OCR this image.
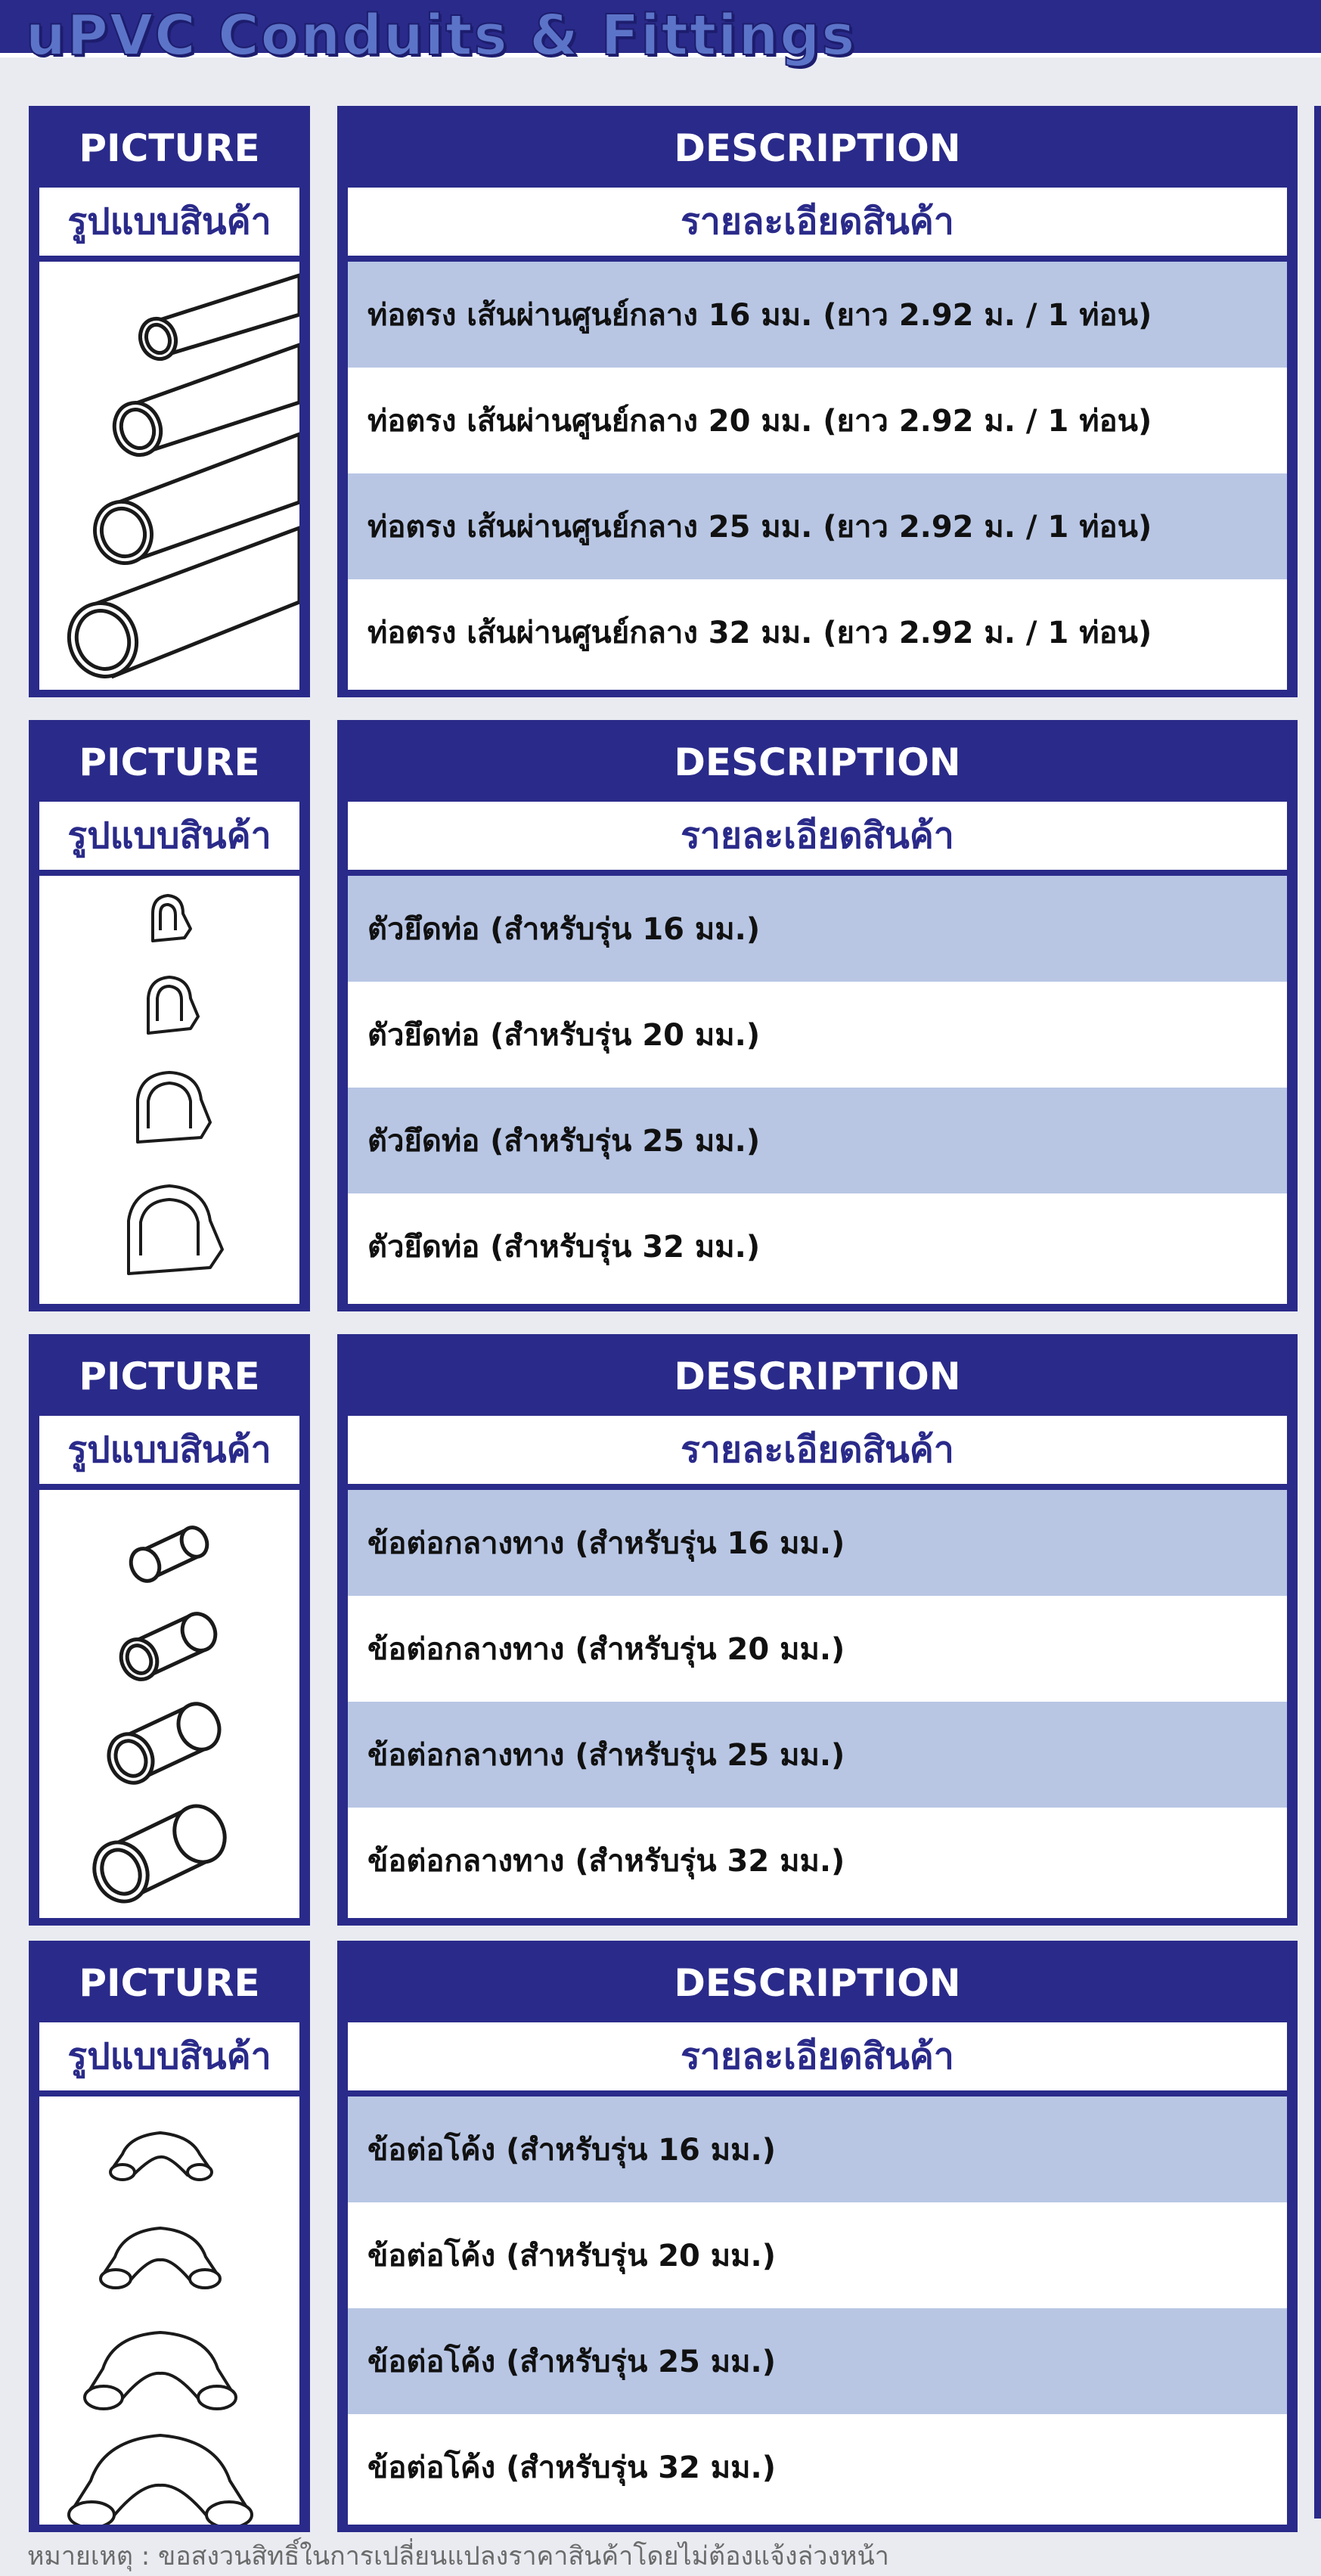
uPVC Conduits & Fittings
PICTURE
รูปแบบสินค้า
DESCRIPTION
รายละเอียดสินค้า
ท่อตรง เส้นผ่านศูนย์กลาง 16 มม. (ยาว 2.92 ม. / 1 ท่อน)
ท่อตรง เส้นผ่านศูนย์กลาง 20 มม. (ยาว 2.92 ม. / 1 ท่อน)
ท่อตรง เส้นผ่านศูนย์กลาง 25 มม. (ยาว 2.92 ม. / 1 ท่อน)
ท่อตรง เส้นผ่านศูนย์กลาง 32 มม. (ยาว 2.92 ม. / 1 ท่อน)
PICTURE
รูปแบบสินค้า
DESCRIPTION
รายละเอียดสินค้า
ตัวยึดท่อ (สำหรับรุ่น 16 มม.)
ตัวยึดท่อ (สำหรับรุ่น 20 มม.)
ตัวยึดท่อ (สำหรับรุ่น 25 มม.)
ตัวยึดท่อ (สำหรับรุ่น 32 มม.)
PICTURE
รูปแบบสินค้า
DESCRIPTION
รายละเอียดสินค้า
ข้อต่อกลางทาง (สำหรับรุ่น 16 มม.)
ข้อต่อกลางทาง (สำหรับรุ่น 20 มม.)
ข้อต่อกลางทาง (สำหรับรุ่น 25 มม.)
ข้อต่อกลางทาง (สำหรับรุ่น 32 มม.)
PICTURE
รูปแบบสินค้า
DESCRIPTION
รายละเอียดสินค้า
ข้อต่อโค้ง (สำหรับรุ่น 16 มม.)
ข้อต่อโค้ง (สำหรับรุ่น 20 มม.)
ข้อต่อโค้ง (สำหรับรุ่น 25 มม.)
ข้อต่อโค้ง (สำหรับรุ่น 32 มม.)

หมายเหตุ : ขอสงวนสิทธิ์ในการเปลี่ยนแปลงราคาสินค้าโดยไม่ต้องแจ้งล่วงหน้า
